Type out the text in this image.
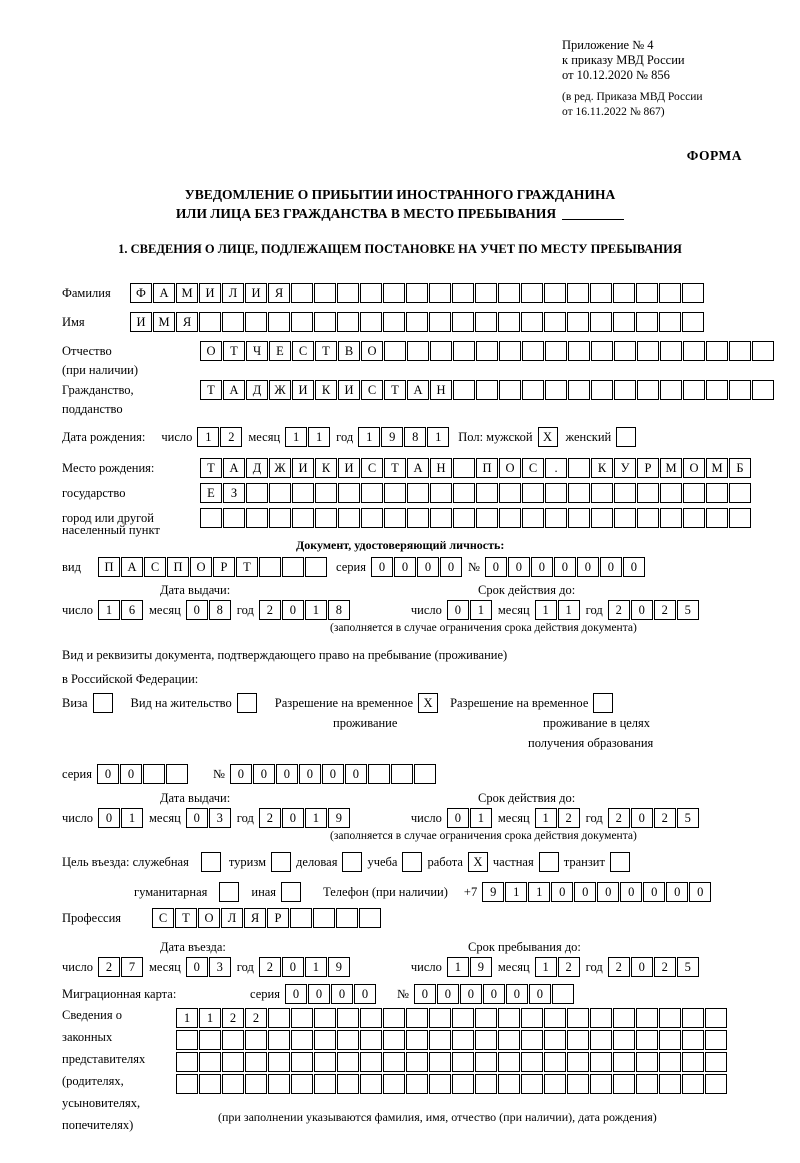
Приложение № 4
к приказу МВД России
от 10.12.2020 № 856
(в ред. Приказа МВД России
от 16.11.2022 № 867)
ФОРМА
УВЕДОМЛЕНИЕ О ПРИБЫТИИ ИНОСТРАННОГО ГРАЖДАНИНА
ИЛИ ЛИЦА БЕЗ ГРАЖДАНСТВА В МЕСТО ПРЕБЫВАНИЯ
1. СВЕДЕНИЯ О ЛИЦЕ, ПОДЛЕЖАЩЕМ ПОСТАНОВКЕ НА УЧЕТ ПО МЕСТУ ПРЕБЫВАНИЯ
Фамилия	Ф	А	М	И	Л	И	Я
Имя	И	М	Я
Отчество	О	Т	Ч	Е	С	Т	В	О
(при наличии)
Гражданство,	Т	А	Д	Ж	И	К	И	С	Т	А	Н
подданство
Дата рождения: число	1	2	месяц	1	1	год	1	9	8	1	Пол: мужской X	женский
Место рождения:	Т	А	Д	Ж	И	К	И	С	Т	А	Н	П	О	С	.	К	У	Р	М	О	М	Б
государство	Е	З
город или другой
населенный пункт
Документ, удостоверяющий личность:
вид	П	А	С	П	О	Р	Т	серия	0	0	0	0	№	0	0	0	0	0	0	0
Дата выдачи:	Срок действия до:
число	1	6	месяц	0	8	год	2	0	1	8	число	0	1	месяц	1	1	год	2	0	2	5
(заполняется в случае ограничения срока действия документа)
Вид и реквизиты документа, подтверждающего право на пребывание (проживание)
в Российской Федерации:
Виза	Вид на жительство	Разрешение на временное X	Разрешение на временное
проживание	проживание в целях
получения образования
серия	0	0	№	0	0	0	0	0	0
Дата выдачи:	Срок действия до:
число	0	1	месяц	0	3	год	2	0	1	9	число	0	1	месяц	1	2	год	2	0	2	5
(заполняется в случае ограничения срока действия документа)
Цель въезда: служебная	туризм деловая учеба работа X частная транзит
гуманитарная	иная	Телефон (при наличии) +7	9	1	1	0	0	0	0	0	0	0
Профессия	С	Т	О	Л	Я	Р
Дата въезда:	Срок пребывания до:
число	2	7	месяц	0	3	год	2	0	1	9	число	1	9	месяц	1	2	год	2	0	2	5
Миграционная карта:	серия	0	0	0	0	№	0	0	0	0	0	0
Сведения о
законных
представителях
(родителях,
усыновителях,
попечителях)
1	1	2	2
(при заполнении указываются фамилия, имя, отчество (при наличии), дата рождения)
